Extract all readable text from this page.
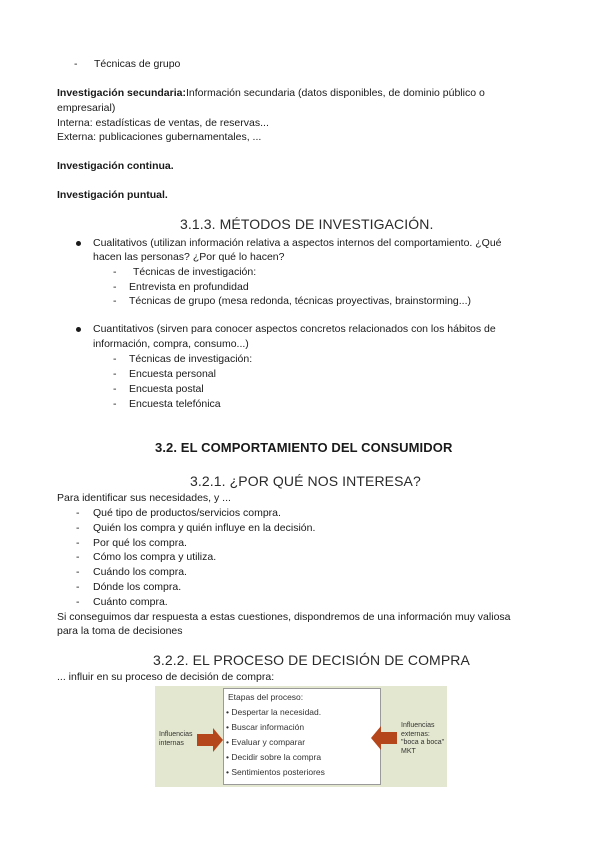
- Técnicas de grupo
Investigación secundaria:Información secundaria (datos disponibles, de dominio público o
empresarial)
Interna: estadísticas de ventas, de reservas...
Externa: publicaciones gubernamentales, ...
Investigación continua.
Investigación puntual.
3.1.3. MÉTODOS DE INVESTIGACIÓN.
Cualitativos (utilizan información relativa a aspectos internos del comportamiento. ¿Qué
hacen las personas? ¿Por qué lo hacen?
- Técnicas de investigación:
- Entrevista en profundidad
- Técnicas de grupo (mesa redonda, técnicas proyectivas, brainstorming...)
Cuantitativos (sirven para conocer aspectos concretos relacionados con los hábitos de
información, compra, consumo...)
- Técnicas de investigación:
- Encuesta personal
- Encuesta postal
- Encuesta telefónica
3.2. EL COMPORTAMIENTO DEL CONSUMIDOR
3.2.1. ¿POR QUÉ NOS INTERESA?
Para identificar sus necesidades, y ...
- Qué tipo de productos/servicios compra.
- Quién los compra y quién influye en la decisión.
- Por qué los compra.
- Cómo los compra y utiliza.
- Cuándo los compra.
- Dónde los compra.
- Cuánto compra.
Si conseguimos dar respuesta a estas cuestiones, dispondremos de una información muy valiosa
para la toma de decisiones
3.2.2. EL PROCESO DE DECISIÓN DE COMPRA
... influir en su proceso de decisión de compra:
Influencias
internas
Etapas del proceso:
• Despertar la necesidad.
• Buscar información
• Evaluar y comparar
• Decidir sobre la compra
• Sentimientos posteriores
Influencias
externas:
"boca a boca"
MKT
